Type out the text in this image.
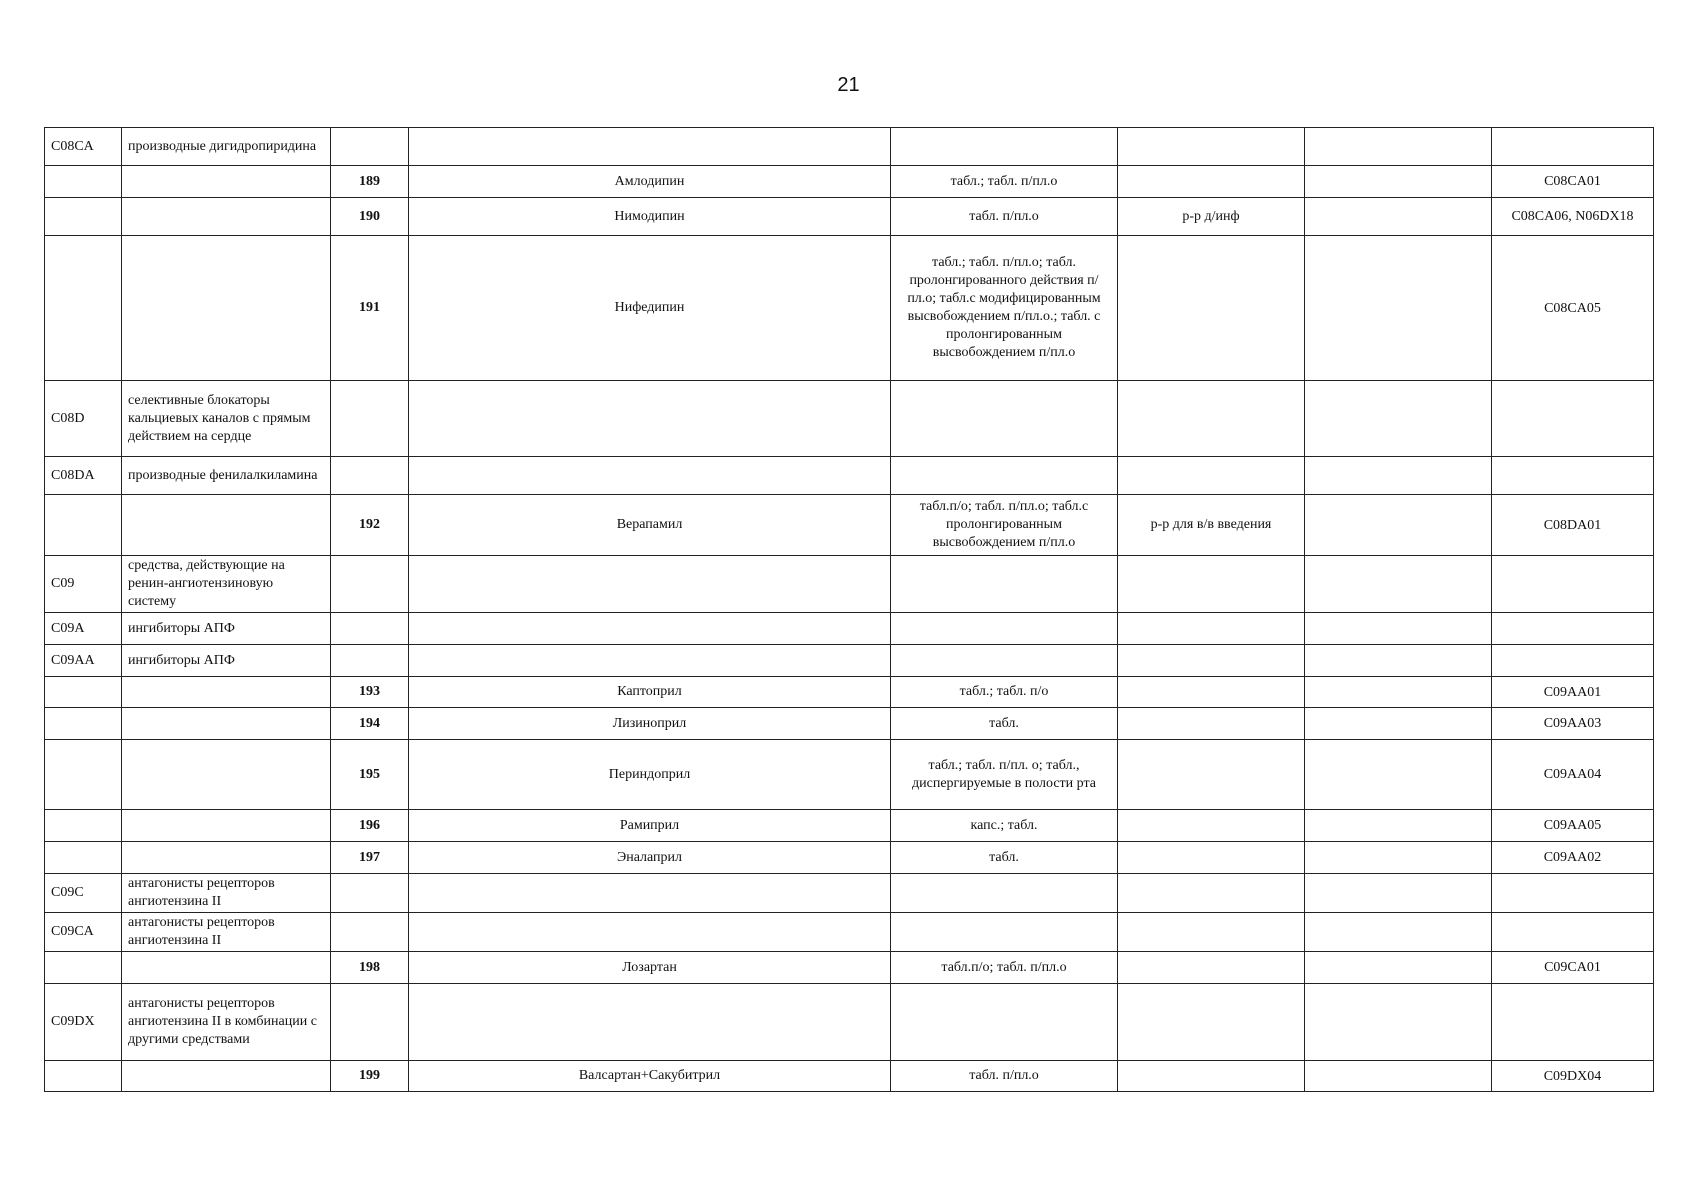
21
C08CA	производные дигидропиридина						
		189	Амлодипин	табл.; табл. п/пл.о			C08CA01
		190	Нимодипин	табл. п/пл.о	р-р д/инф		C08CA06, N06DX18
		191	Нифедипин	табл.; табл. п/пл.о; табл. пролонгированного действия п/пл.о; табл.с модифицированным высвобождением п/пл.о.; табл. с пролонгированным высвобождением п/пл.о			C08CA05
C08D	селективные блокаторы кальциевых каналов с прямым действием на сердце						
C08DA	производные фенилалкиламина						
		192	Верапамил	табл.п/о; табл. п/пл.о; табл.с пролонгированным высвобождением п/пл.о	р-р для в/в введения		C08DA01
C09	средства, действующие на ренин-ангиотензиновую систему						
C09A	ингибиторы АПФ						
C09AA	ингибиторы АПФ						
		193	Каптоприл	табл.; табл. п/о			C09AA01
		194	Лизиноприл	табл.			C09AA03
		195	Периндоприл	табл.; табл. п/пл. о; табл., диспергируемые в полости рта			C09AA04
		196	Рамиприл	капс.; табл.			C09AA05
		197	Эналаприл	табл.			C09AA02
C09C	антагонисты рецепторов ангиотензина II						
C09CA	антагонисты рецепторов ангиотензина II						
		198	Лозартан	табл.п/о; табл. п/пл.о			C09CA01
C09DX	антагонисты рецепторов ангиотензина II в комбинации с другими средствами						
		199	Валсартан+Сакубитрил	табл. п/пл.о			C09DX04
